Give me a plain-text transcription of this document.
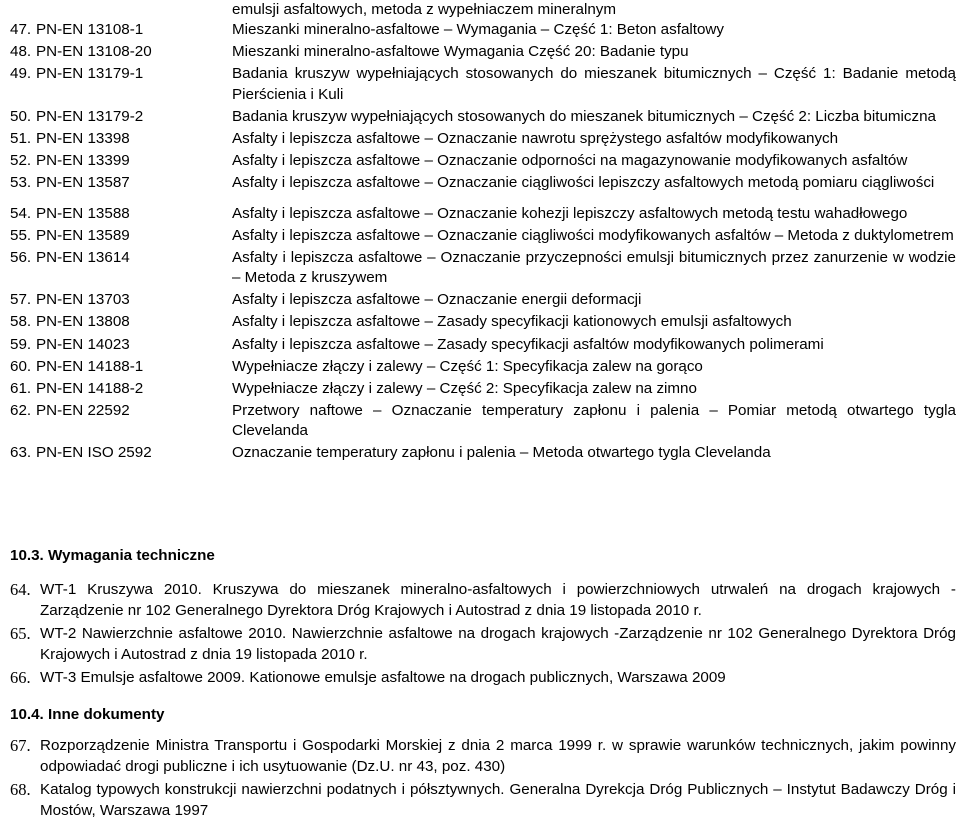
emulsji asfaltowych, metoda z wypełniaczem mineralnym
47. PN-EN 13108-1	Mieszanki mineralno-asfaltowe – Wymagania – Część 1: Beton asfaltowy
48. PN-EN 13108-20	Mieszanki mineralno-asfaltowe Wymagania Część 20: Badanie typu
49. PN-EN 13179-1	Badania kruszyw wypełniających stosowanych do mieszanek bitumicznych – Część 1: Badanie metodą Pierścienia i Kuli
50. PN-EN 13179-2	Badania kruszyw wypełniających stosowanych do mieszanek bitumicznych – Część 2: Liczba bitumiczna
51. PN-EN 13398	Asfalty i lepiszcza asfaltowe – Oznaczanie nawrotu sprężystego asfaltów modyfikowanych
52. PN-EN 13399	Asfalty i lepiszcza asfaltowe – Oznaczanie odporności na magazynowanie modyfikowanych asfaltów
53. PN-EN 13587	Asfalty i lepiszcza asfaltowe – Oznaczanie ciągliwości lepiszczy asfaltowych metodą pomiaru ciągliwości
54. PN-EN 13588	Asfalty i lepiszcza asfaltowe – Oznaczanie kohezji lepiszczy asfaltowych metodą testu wahadłowego
55. PN-EN 13589	Asfalty i lepiszcza asfaltowe – Oznaczanie ciągliwości modyfikowanych asfaltów – Metoda z duktylometrem
56. PN-EN 13614	Asfalty i lepiszcza asfaltowe – Oznaczanie przyczepności emulsji bitumicznych przez zanurzenie w wodzie – Metoda z kruszywem
57. PN-EN 13703	Asfalty i lepiszcza asfaltowe – Oznaczanie energii deformacji
58. PN-EN 13808	Asfalty i lepiszcza asfaltowe – Zasady specyfikacji kationowych emulsji asfaltowych
59. PN-EN 14023	Asfalty i lepiszcza asfaltowe – Zasady specyfikacji asfaltów modyfikowanych polimerami
60. PN-EN 14188-1	Wypełniacze złączy i zalewy – Część 1: Specyfikacja zalew na gorąco
61. PN-EN 14188-2	Wypełniacze złączy i zalewy – Część 2: Specyfikacja zalew na zimno
62. PN-EN 22592	Przetwory naftowe – Oznaczanie temperatury zapłonu i palenia – Pomiar metodą otwartego tygla Clevelanda
63. PN-EN ISO 2592	Oznaczanie temperatury zapłonu i palenia – Metoda otwartego tygla Clevelanda
10.3. Wymagania techniczne
64. WT-1 Kruszywa 2010. Kruszywa do mieszanek mineralno-asfaltowych i powierzchniowych utrwaleń na drogach krajowych - Zarządzenie nr 102 Generalnego Dyrektora Dróg Krajowych i Autostrad z dnia 19 listopada 2010 r.
65. WT-2 Nawierzchnie asfaltowe 2010. Nawierzchnie asfaltowe na drogach krajowych -Zarządzenie nr 102 Generalnego Dyrektora Dróg Krajowych i Autostrad z dnia 19 listopada 2010 r.
66. WT-3 Emulsje asfaltowe 2009. Kationowe emulsje asfaltowe na drogach publicznych, Warszawa 2009
10.4. Inne dokumenty
67. Rozporządzenie Ministra Transportu i Gospodarki Morskiej z dnia 2 marca 1999 r. w sprawie warunków technicznych, jakim powinny odpowiadać drogi publiczne i ich usytuowanie (Dz.U. nr 43, poz. 430)
68. Katalog typowych konstrukcji nawierzchni podatnych i półsztywnych. Generalna Dyrekcja Dróg Publicznych – Instytut Badawczy Dróg i Mostów, Warszawa 1997
